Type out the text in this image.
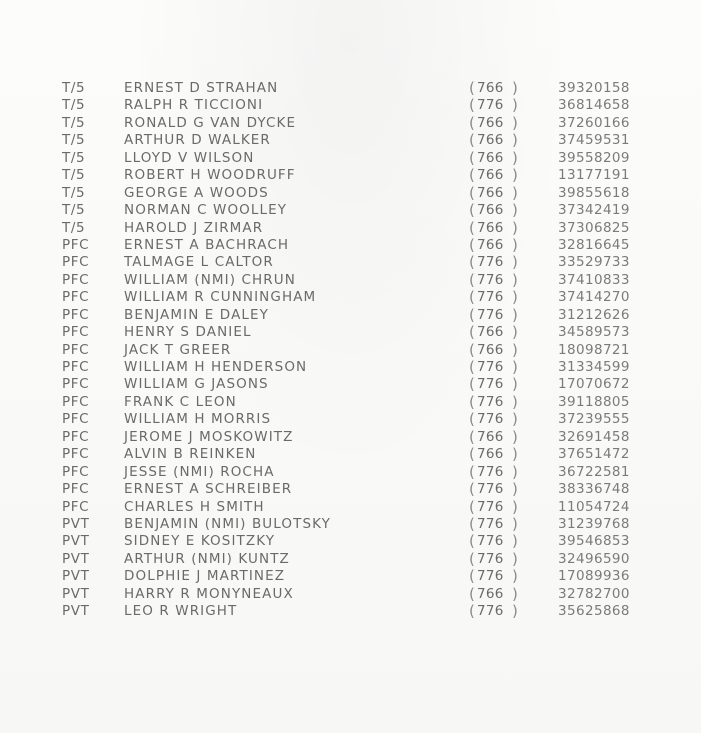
T/5	ERNEST D STRAHAN	( 766 )	39320158
T/5	RALPH R TICCIONI	( 776 )	36814658
T/5	RONALD G VAN DYCKE	( 766 )	37260166
T/5	ARTHUR D WALKER	( 766 )	37459531
T/5	LLOYD V WILSON	( 766 )	39558209
T/5	ROBERT H WOODRUFF	( 766 )	13177191
T/5	GEORGE A WOODS	( 766 )	39855618
T/5	NORMAN C WOOLLEY	( 766 )	37342419
T/5	HAROLD J ZIRMAR	( 766 )	37306825
PFC	ERNEST A BACHRACH	( 766 )	32816645
PFC	TALMAGE L CALTOR	( 776 )	33529733
PFC	WILLIAM (NMI) CHRUN	( 776 )	37410833
PFC	WILLIAM R CUNNINGHAM	( 776 )	37414270
PFC	BENJAMIN E DALEY	( 776 )	31212626
PFC	HENRY S DANIEL	( 766 )	34589573
PFC	JACK T GREER	( 766 )	18098721
PFC	WILLIAM H HENDERSON	( 776 )	31334599
PFC	WILLIAM G JASONS	( 776 )	17070672
PFC	FRANK C LEON	( 776 )	39118805
PFC	WILLIAM H MORRIS	( 776 )	37239555
PFC	JEROME J MOSKOWITZ	( 766 )	32691458
PFC	ALVIN B REINKEN	( 766 )	37651472
PFC	JESSE (NMI) ROCHA	( 776 )	36722581
PFC	ERNEST A SCHREIBER	( 776 )	38336748
PFC	CHARLES H SMITH	( 776 )	11054724
PVT	BENJAMIN (NMI) BULOTSKY	( 776 )	31239768
PVT	SIDNEY E KOSITZKY	( 776 )	39546853
PVT	ARTHUR (NMI) KUNTZ	( 776 )	32496590
PVT	DOLPHIE J MARTINEZ	( 776 )	17089936
PVT	HARRY R MONYNEAUX	( 766 )	32782700
PVT	LEO R WRIGHT	( 776 )	35625868
